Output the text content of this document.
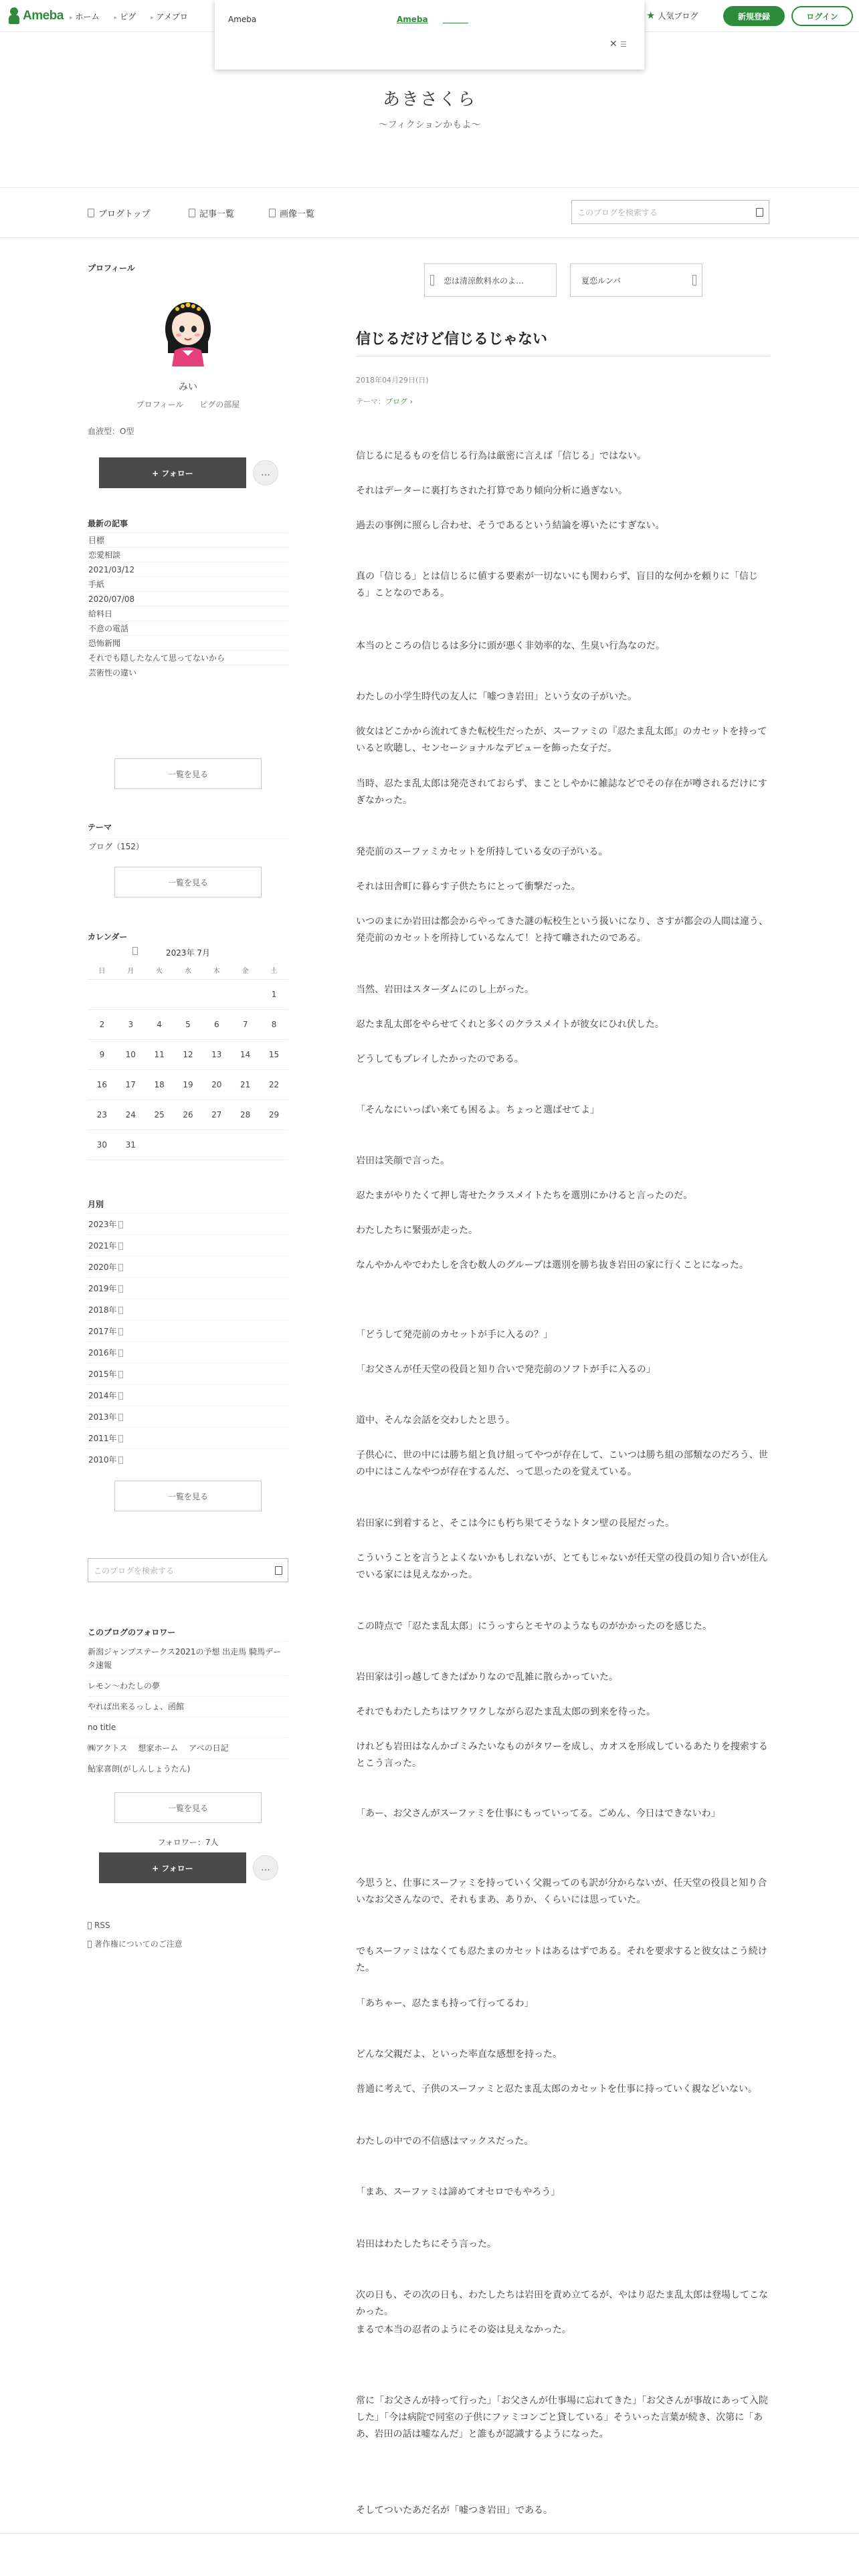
Ameba	▸ ホーム	▸ ピグ	▸ アメブロ	★ 人気ブログ	新規登録	ログイン
Ameba	Ameba
✕ ☰
あきさくら
〜フィクションかもよ〜
ブログトップ	記事一覧	画像一覧	このブログを検索する
プロフィール
みい
プロフィール ピグの部屋
血液型：O型
+ フォロー	…
最新の記事
目標
恋愛相談
2021/03/12
手紙
2020/07/08
給料日
不意の電話
恐怖新聞
それでも隠したなんて思ってないから
芸術性の違い
一覧を見る
テーマ
ブログ（152）
一覧を見る
カレンダー
2023年 7月
日	月	火	水	木	金	土
						1
2	3	4	5	6	7	8
9	10	11	12	13	14	15
16	17	18	19	20	21	22
23	24	25	26	27	28	29
30	31					
月別
2023年
2021年
2020年
2019年
2018年
2017年
2016年
2015年
2014年
2013年
2011年
2010年
一覧を見る
このブログを検索する
このブログのフォロワー
新潟ジャンプステークス2021の予想 出走馬 騎馬データ速報
レモン〜わたしの夢
やれば出来るっしょ、函館
no title
㈱アクトス　 想家ホーム　 アベの日記
鮎家喜朗(がしんしょうたん)
一覧を見る
フォロワー：7人
+ フォロー	…
RSS
著作権についてのご注意
恋は清涼飲料水のよ…	夏恋ルンバ
信じるだけど信じるじゃない
2018年04月29日(日)
テーマ：ブログ ›
信じるに足るものを信じる行為は厳密に言えば「信じる」ではない。
それはデーターに裏打ちされた打算であり傾向分析に過ぎない。
過去の事例に照らし合わせ、そうであるという結論を導いたにすぎない。
真の「信じる」とは信じるに値する要素が一切ないにも関わらず、盲目的な何かを頼りに「信じる」ことなのである。
本当のところの信じるは多分に頭が悪く非効率的な、生臭い行為なのだ。
わたしの小学生時代の友人に「嘘つき岩田」という女の子がいた。
彼女はどこかから流れてきた転校生だったが、スーファミの『忍たま乱太郎』のカセットを持っていると吹聴し、センセーショナルなデビューを飾った女子だ。
当時、忍たま乱太郎は発売されておらず、まことしやかに雑誌などでその存在が噂されるだけにすぎなかった。
発売前のスーファミカセットを所持している女の子がいる。
それは田舎町に暮らす子供たちにとって衝撃だった。
いつのまにか岩田は都会からやってきた謎の転校生という扱いになり、さすが都会の人間は違う、発売前のカセットを所持しているなんて！と持て囃されたのである。
当然、岩田はスターダムにのし上がった。
忍たま乱太郎をやらせてくれと多くのクラスメイトが彼女にひれ伏した。
どうしてもプレイしたかったのである。
「そんなにいっぱい来ても困るよ。ちょっと選ばせてよ」
岩田は笑顔で言った。
忍たまがやりたくて押し寄せたクラスメイトたちを選別にかけると言ったのだ。
わたしたちに緊張が走った。
なんやかんやでわたしを含む数人のグループは選別を勝ち抜き岩田の家に行くことになった。
「どうして発売前のカセットが手に入るの？」
「お父さんが任天堂の役員と知り合いで発売前のソフトが手に入るの」
道中、そんな会話を交わしたと思う。
子供心に、世の中には勝ち組と負け組ってやつが存在して、こいつは勝ち組の部類なのだろう、世の中にはこんなやつが存在するんだ、って思ったのを覚えている。
岩田家に到着すると、そこは今にも朽ち果てそうなトタン壁の長屋だった。
こういうことを言うとよくないかもしれないが、とてもじゃないが任天堂の役員の知り合いが住んでいる家には見えなかった。
この時点で「忍たま乱太郎」にうっすらとモヤのようなものがかかったのを感じた。
岩田家は引っ越してきたばかりなので乱雑に散らかっていた。
それでもわたしたちはワクワクしながら忍たま乱太郎の到来を待った。
けれども岩田はなんかゴミみたいなものがタワーを成し、カオスを形成しているあたりを捜索するとこう言った。
「あー、お父さんがスーファミを仕事にもっていってる。ごめん、今日はできないわ」
今思うと、仕事にスーファミを持っていく父親ってのも訳が分からないが、任天堂の役員と知り合いなお父さんなので、それもまあ、ありか、くらいには思っていた。
でもスーファミはなくても忍たまのカセットはあるはずである。それを要求すると彼女はこう続けた。
「あちゃー、忍たまも持って行ってるわ」
どんな父親だよ、といった率直な感想を持った。
普通に考えて、子供のスーファミと忍たま乱太郎のカセットを仕事に持っていく親などいない。
わたしの中での不信感はマックスだった。
「まあ、スーファミは諦めてオセロでもやろう」
岩田はわたしたちにそう言った。
次の日も、その次の日も、わたしたちは岩田を責め立てるが、やはり忍たま乱太郎は登場してこなかった。
まるで本当の忍者のようにその姿は見えなかった。
常に「お父さんが持って行った」「お父さんが仕事場に忘れてきた」「お父さんが事故にあって入院した」「今は病院で同室の子供にファミコンごと貸している」そういった言葉が続き、次第に「ああ、岩田の話は嘘なんだ」と誰もが認識するようになった。
そしてついたあだ名が「嘘つき岩田」である。
